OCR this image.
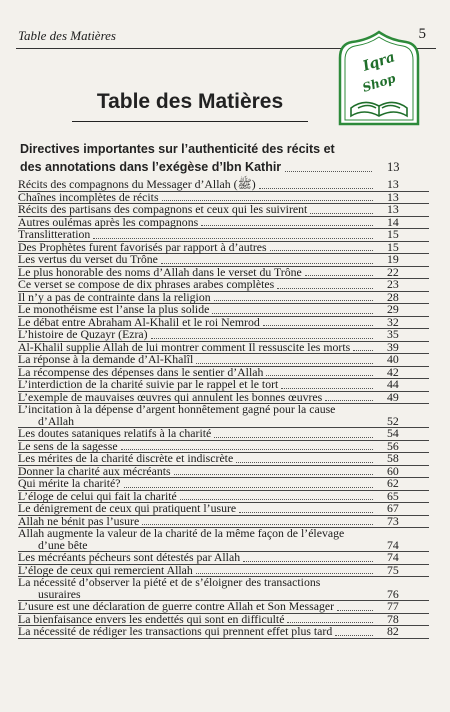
Table des Matières	5
Iqra
Shop
Table des Matières
Directives importantes sur l’authenticité des récits et
des annotations dans l’exégèse d’Ibn Kathir	13
Récits des compagnons du Messager d’Allah (ﷺ)	13
Chaînes incomplètes de récits	13
Récits des partisans des compagnons et ceux qui les suivirent	13
Autres oulémas après les compagnons	14
Translitteration	15
Des Prophètes furent favorisés par rapport à d’autres	15
Les vertus du verset du Trône	19
Le plus honorable des noms d’Allah dans le verset du Trône	22
Ce verset se compose de dix phrases arabes complètes	23
Il n’y a pas de contrainte dans la religion	28
Le monothéisme est l’anse la plus solide	29
Le débat entre Abraham Al-Khalil et le roi Nemrod	32
L’histoire de Quzayr (Ezra)	35
Al-Khalil supplie Allah de lui montrer comment Il ressuscite les morts	39
La réponse à la demande d’Al-Khalîl	40
La récompense des dépenses dans le sentier d’Allah	42
L’interdiction de la charité suivie par le rappel et le tort	44
L’exemple de mauvaises œuvres qui annulent les bonnes œuvres	49
L’incitation à la dépense d’argent honnêtement gagné pour la cause
d’Allah	52
Les doutes sataniques relatifs à la charité	54
Le sens de la sagesse	56
Les mérites de la charité discrète et indiscrète	58
Donner la charité aux mécréants	60
Qui mérite la charité?	62
L’éloge de celui qui fait la charité	65
Le dénigrement de ceux qui pratiquent l’usure	67
Allah ne bénit pas l’usure	73
Allah augmente la valeur de la charité de la même façon de l’élevage
d’une bête	74
Les mécréants pécheurs sont détestés par Allah	74
L’éloge de ceux qui remercient Allah	75
La nécessité d’observer la piété et de s’éloigner des transactions
usuraires	76
L’usure est une déclaration de guerre contre Allah et Son Messager	77
La bienfaisance envers les endettés qui sont en difficulté	78
La nécessité de rédiger les transactions qui prennent effet plus tard	82
